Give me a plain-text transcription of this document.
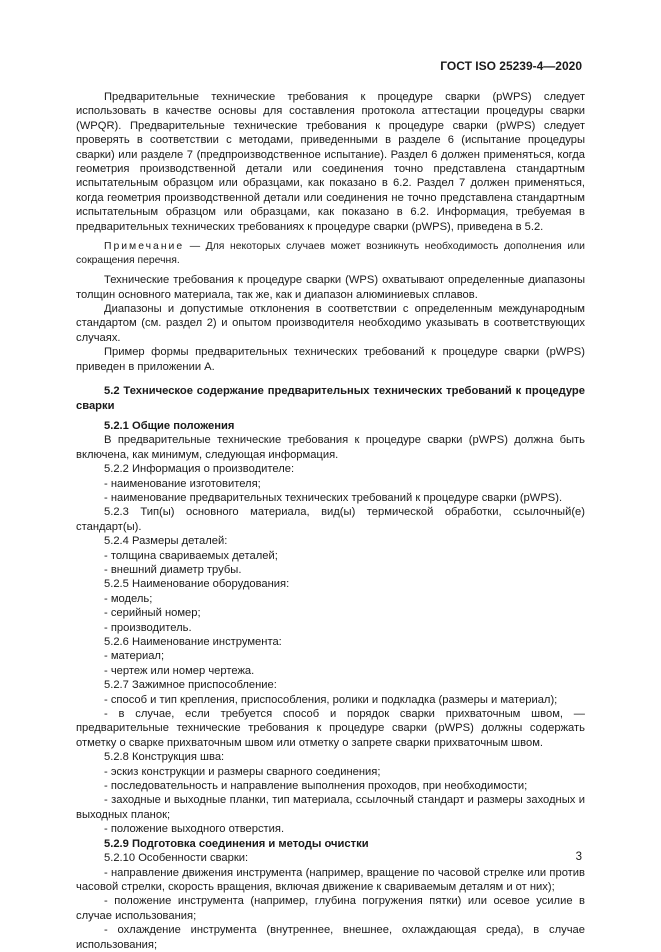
ГОСТ ISO 25239-4—2020

Предварительные технические требования к процедуре сварки (pWPS) следует использовать в качестве основы для составления протокола аттестации процедуры сварки (WPQR). Предварительные технические требования к процедуре сварки (pWPS) следует проверять в соответствии с методами, приведенными в разделе 6 (испытание процедуры сварки) или разделе 7 (предпроизводственное испытание). Раздел 6 должен применяться, когда геометрия производственной детали или соединения точно представлена стандартным испытательным образцом или образцами, как показано в 6.2. Раздел 7 должен применяться, когда геометрия производственной детали или соединения не точно представлена стандартным испытательным образцом или образцами, как показано в 6.2. Информация, требуемая в предварительных технических требованиях к процедуре сварки (pWPS), приведена в 5.2.

Примечание — Для некоторых случаев может возникнуть необходимость дополнения или сокращения перечня.

Технические требования к процедуре сварки (WPS) охватывают определенные диапазоны толщин основного материала, так же, как и диапазон алюминиевых сплавов.

Диапазоны и допустимые отклонения в соответствии с определенным международным стандартом (см. раздел 2) и опытом производителя необходимо указывать в соответствующих случаях.

Пример формы предварительных технических требований к процедуре сварки (pWPS) приведен в приложении А.

5.2 Техническое содержание предварительных технических требований к процедуре сварки

5.2.1 Общие положения

В предварительные технические требования к процедуре сварки (pWPS) должна быть включена, как минимум, следующая информация.

5.2.2 Информация о производителе:

- наименование изготовителя;

- наименование предварительных технических требований к процедуре сварки (pWPS).

5.2.3 Тип(ы) основного материала, вид(ы) термической обработки, ссылочный(е) стандарт(ы).

5.2.4 Размеры деталей:

- толщина свариваемых деталей;

- внешний диаметр трубы.

5.2.5 Наименование оборудования:

- модель;

- серийный номер;

- производитель.

5.2.6 Наименование инструмента:

- материал;

- чертеж или номер чертежа.

5.2.7 Зажимное приспособление:

- способ и тип крепления, приспособления, ролики и подкладка (размеры и материал);

- в случае, если требуется способ и порядок сварки прихваточным швом, — предварительные технические требования к процедуре сварки (pWPS) должны содержать отметку о сварке прихваточным швом или отметку о запрете сварки прихваточным швом.

5.2.8 Конструкция шва:

- эскиз конструкции и размеры сварного соединения;

- последовательность и направление выполнения проходов, при необходимости;

- заходные и выходные планки, тип материала, ссылочный стандарт и размеры заходных и выходных планок;

- положение выходного отверстия.

5.2.9 Подготовка соединения и методы очистки

5.2.10 Особенности сварки:

- направление движения инструмента (например, вращение по часовой стрелке или против часовой стрелки, скорость вращения, включая движение к свариваемым деталям и от них);

- положение инструмента (например, глубина погружения пятки) или осевое усилие в случае использования;

- охлаждение инструмента (внутреннее, внешнее, охлаждающая среда), в случае использования;

3
